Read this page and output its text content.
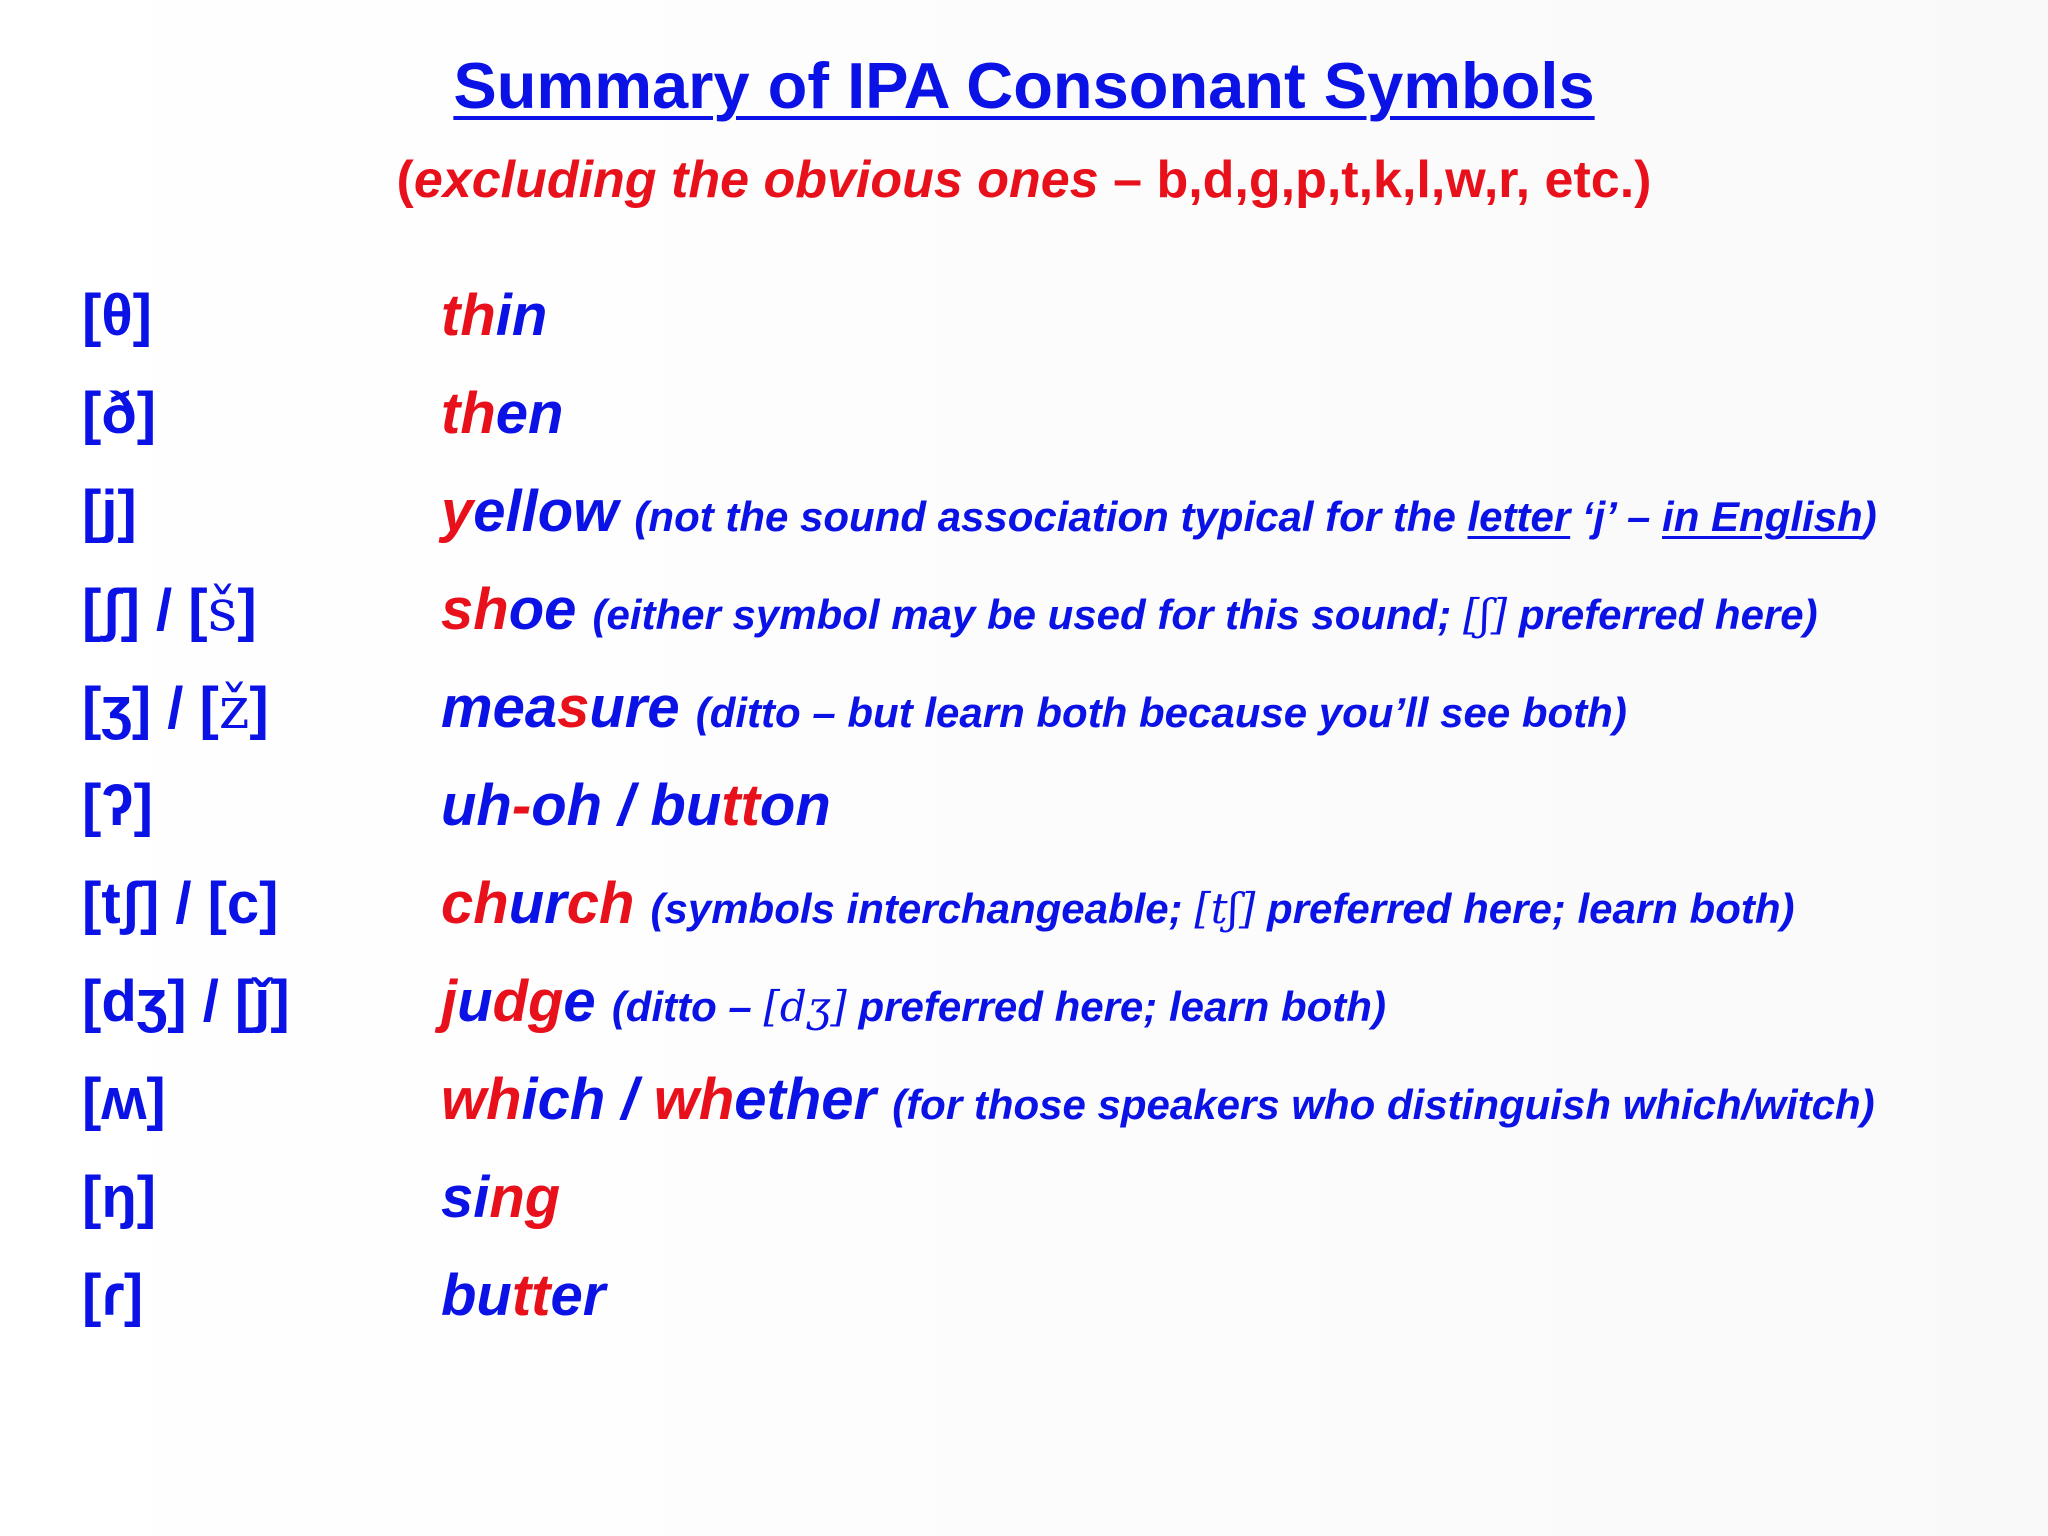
Summary of IPA Consonant Symbols
(excluding the obvious ones – b,d,g,p,t,k,l,w,r, etc.)
[θ]	thin
[ð]	then
[j]	yellow (not the sound association typical for the letter ‘j’ – in English)
[ʃ] / [š]	shoe (either symbol may be used for this sound; [ʃ] preferred here)
[ʒ] / [ž]	measure (ditto – but learn both because you’ll see both)
[ʔ]	uh-oh / button
[tʃ] / [c]	church (symbols interchangeable; [tʃ] preferred here; learn both)
[dʒ] / [ǰ]	judge (ditto – [dʒ] preferred here; learn both)
[ʍ]	which / whether (for those speakers who distinguish which/witch)
[ŋ]	sing
[ɾ]	butter
